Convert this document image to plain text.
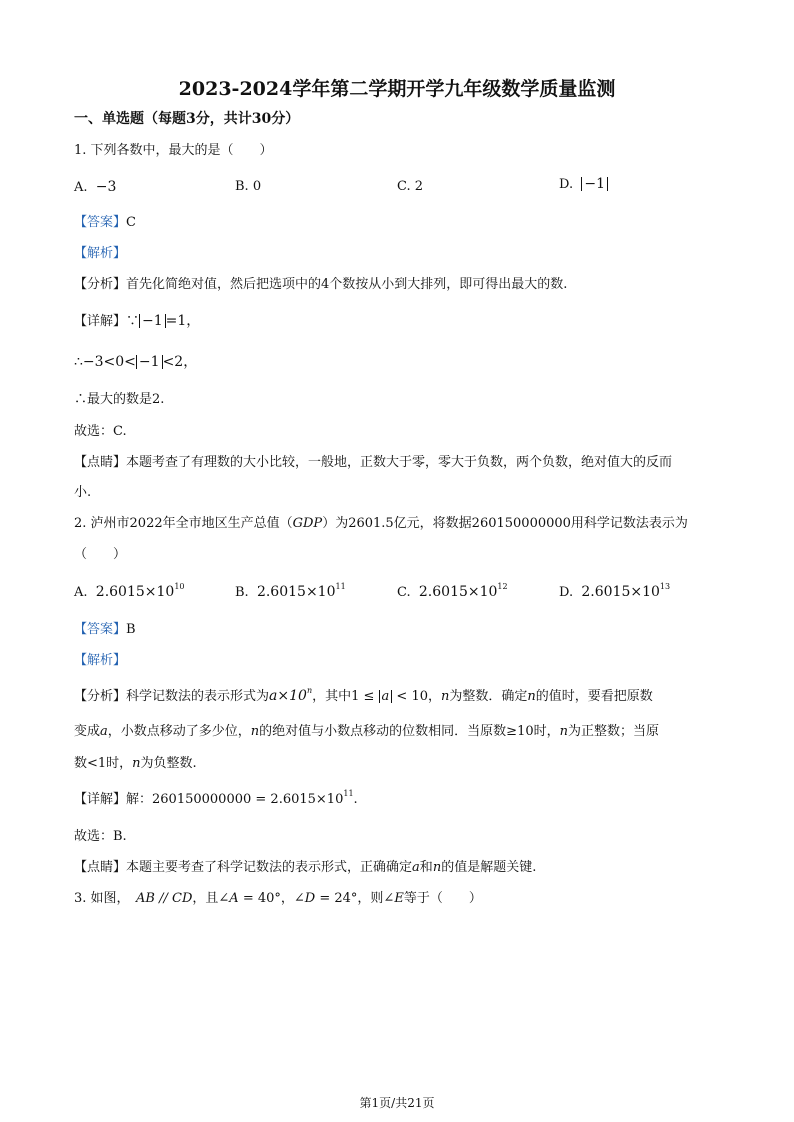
2023-2024学年第二学期开学九年级数学质量监测
一、单选题（每题3分，共计30分）
1. 下列各数中，最大的是（　　）
A. −3	B. 0	C. 2	D. −1
【答案】C
【解析】
【分析】首先化简绝对值，然后把选项中的4个数按从小到大排列，即可得出最大的数.
【详解】∵ −1 =1，
∴−3<0< −1 <2，
∴最大的数是2.
故选：C.
【点睛】本题考查了有理数的大小比较，一般地，正数大于零，零大于负数，两个负数，绝对值大的反而
小.
2. 泸州市2022年全市地区生产总值（GDP）为2601.5亿元，将数据260150000000用科学记数法表示为
（　　）
A. $2.6015\times 10^{10}$	B. $2.6015\times 10^{11}$	C. $2.6015\times 10^{12}$	D. $2.6015\times 10^{13}$
【答案】B
【解析】
【分析】科学记数法的表示形式为$a\times 10^n$，其中1 ≤ a < 10，n为整数．确定n的值时，要看把原数
变成a，小数点移动了多少位，n的绝对值与小数点移动的位数相同．当原数≥10时，n为正整数；当原
数<1时，n为负整数.
【详解】解：$260150000000 = 2.6015\times 10^{11}$.
故选：B.
【点睛】本题主要考查了科学记数法的表示形式，正确确定a和n的值是解题关键.
3. 如图，　AB // CD，且∠A = 40°，∠D = 24°，则∠E等于（　　）
第1页/共21页
